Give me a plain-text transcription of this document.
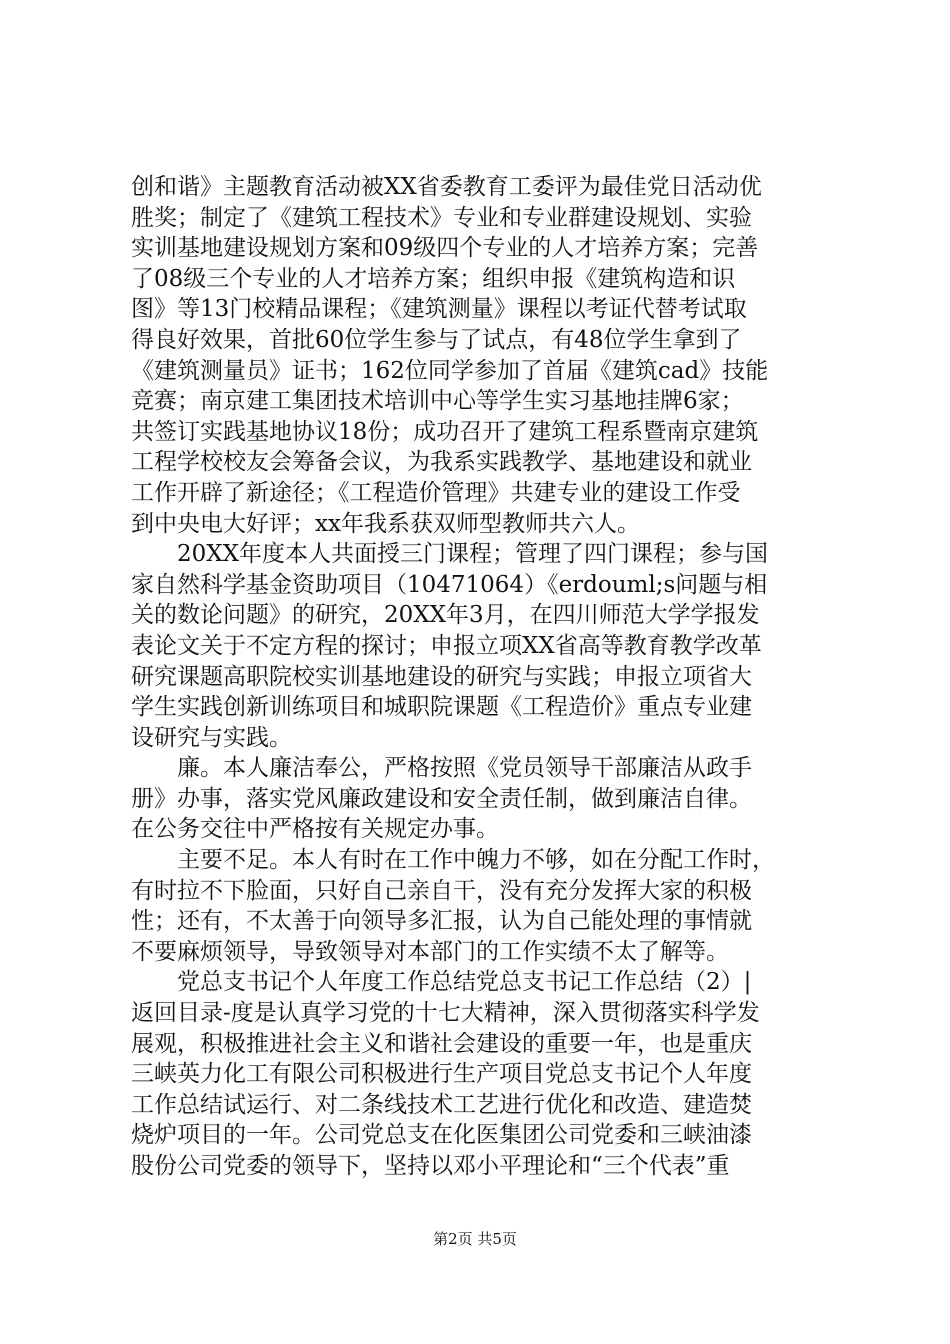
创和谐》主题教育活动被XX省委教育工委评为最佳党日活动优
胜奖；制定了《建筑工程技术》专业和专业群建设规划、实验
实训基地建设规划方案和09级四个专业的人才培养方案；完善
了08级三个专业的人才培养方案；组织申报《建筑构造和识
图》等13门校精品课程；《建筑测量》课程以考证代替考试取
得良好效果，首批60位学生参与了试点，有48位学生拿到了
《建筑测量员》证书；162位同学参加了首届《建筑cad》技能
竞赛；南京建工集团技术培训中心等学生实习基地挂牌6家；
共签订实践基地协议18份；成功召开了建筑工程系暨南京建筑
工程学校校友会筹备会议，为我系实践教学、基地建设和就业
工作开辟了新途径；《工程造价管理》共建专业的建设工作受
到中央电大好评；xx年我系获双师型教师共六人。
20XX年度本人共面授三门课程；管理了四门课程；参与国
家自然科学基金资助项目（10471064）《erdouml;s问题与相
关的数论问题》的研究，20XX年3月，在四川师范大学学报发
表论文关于不定方程的探讨；申报立项XX省高等教育教学改革
研究课题高职院校实训基地建设的研究与实践；申报立项省大
学生实践创新训练项目和城职院课题《工程造价》重点专业建
设研究与实践。
廉。本人廉洁奉公，严格按照《党员领导干部廉洁从政手
册》办事，落实党风廉政建设和安全责任制，做到廉洁自律。
在公务交往中严格按有关规定办事。
主要不足。本人有时在工作中魄力不够，如在分配工作时，
有时拉不下脸面，只好自己亲自干，没有充分发挥大家的积极
性；还有，不太善于向领导多汇报，认为自己能处理的事情就
不要麻烦领导，导致领导对本部门的工作实绩不太了解等。
党总支书记个人年度工作总结党总支书记工作总结（2）|
返回目录-度是认真学习党的十七大精神，深入贯彻落实科学发
展观，积极推进社会主义和谐社会建设的重要一年，也是重庆
三峡英力化工有限公司积极进行生产项目党总支书记个人年度
工作总结试运行、对二条线技术工艺进行优化和改造、建造焚
烧炉项目的一年。公司党总支在化医集团公司党委和三峡油漆
股份公司党委的领导下，坚持以邓小平理论和“三个代表”重
第2页 共5页
